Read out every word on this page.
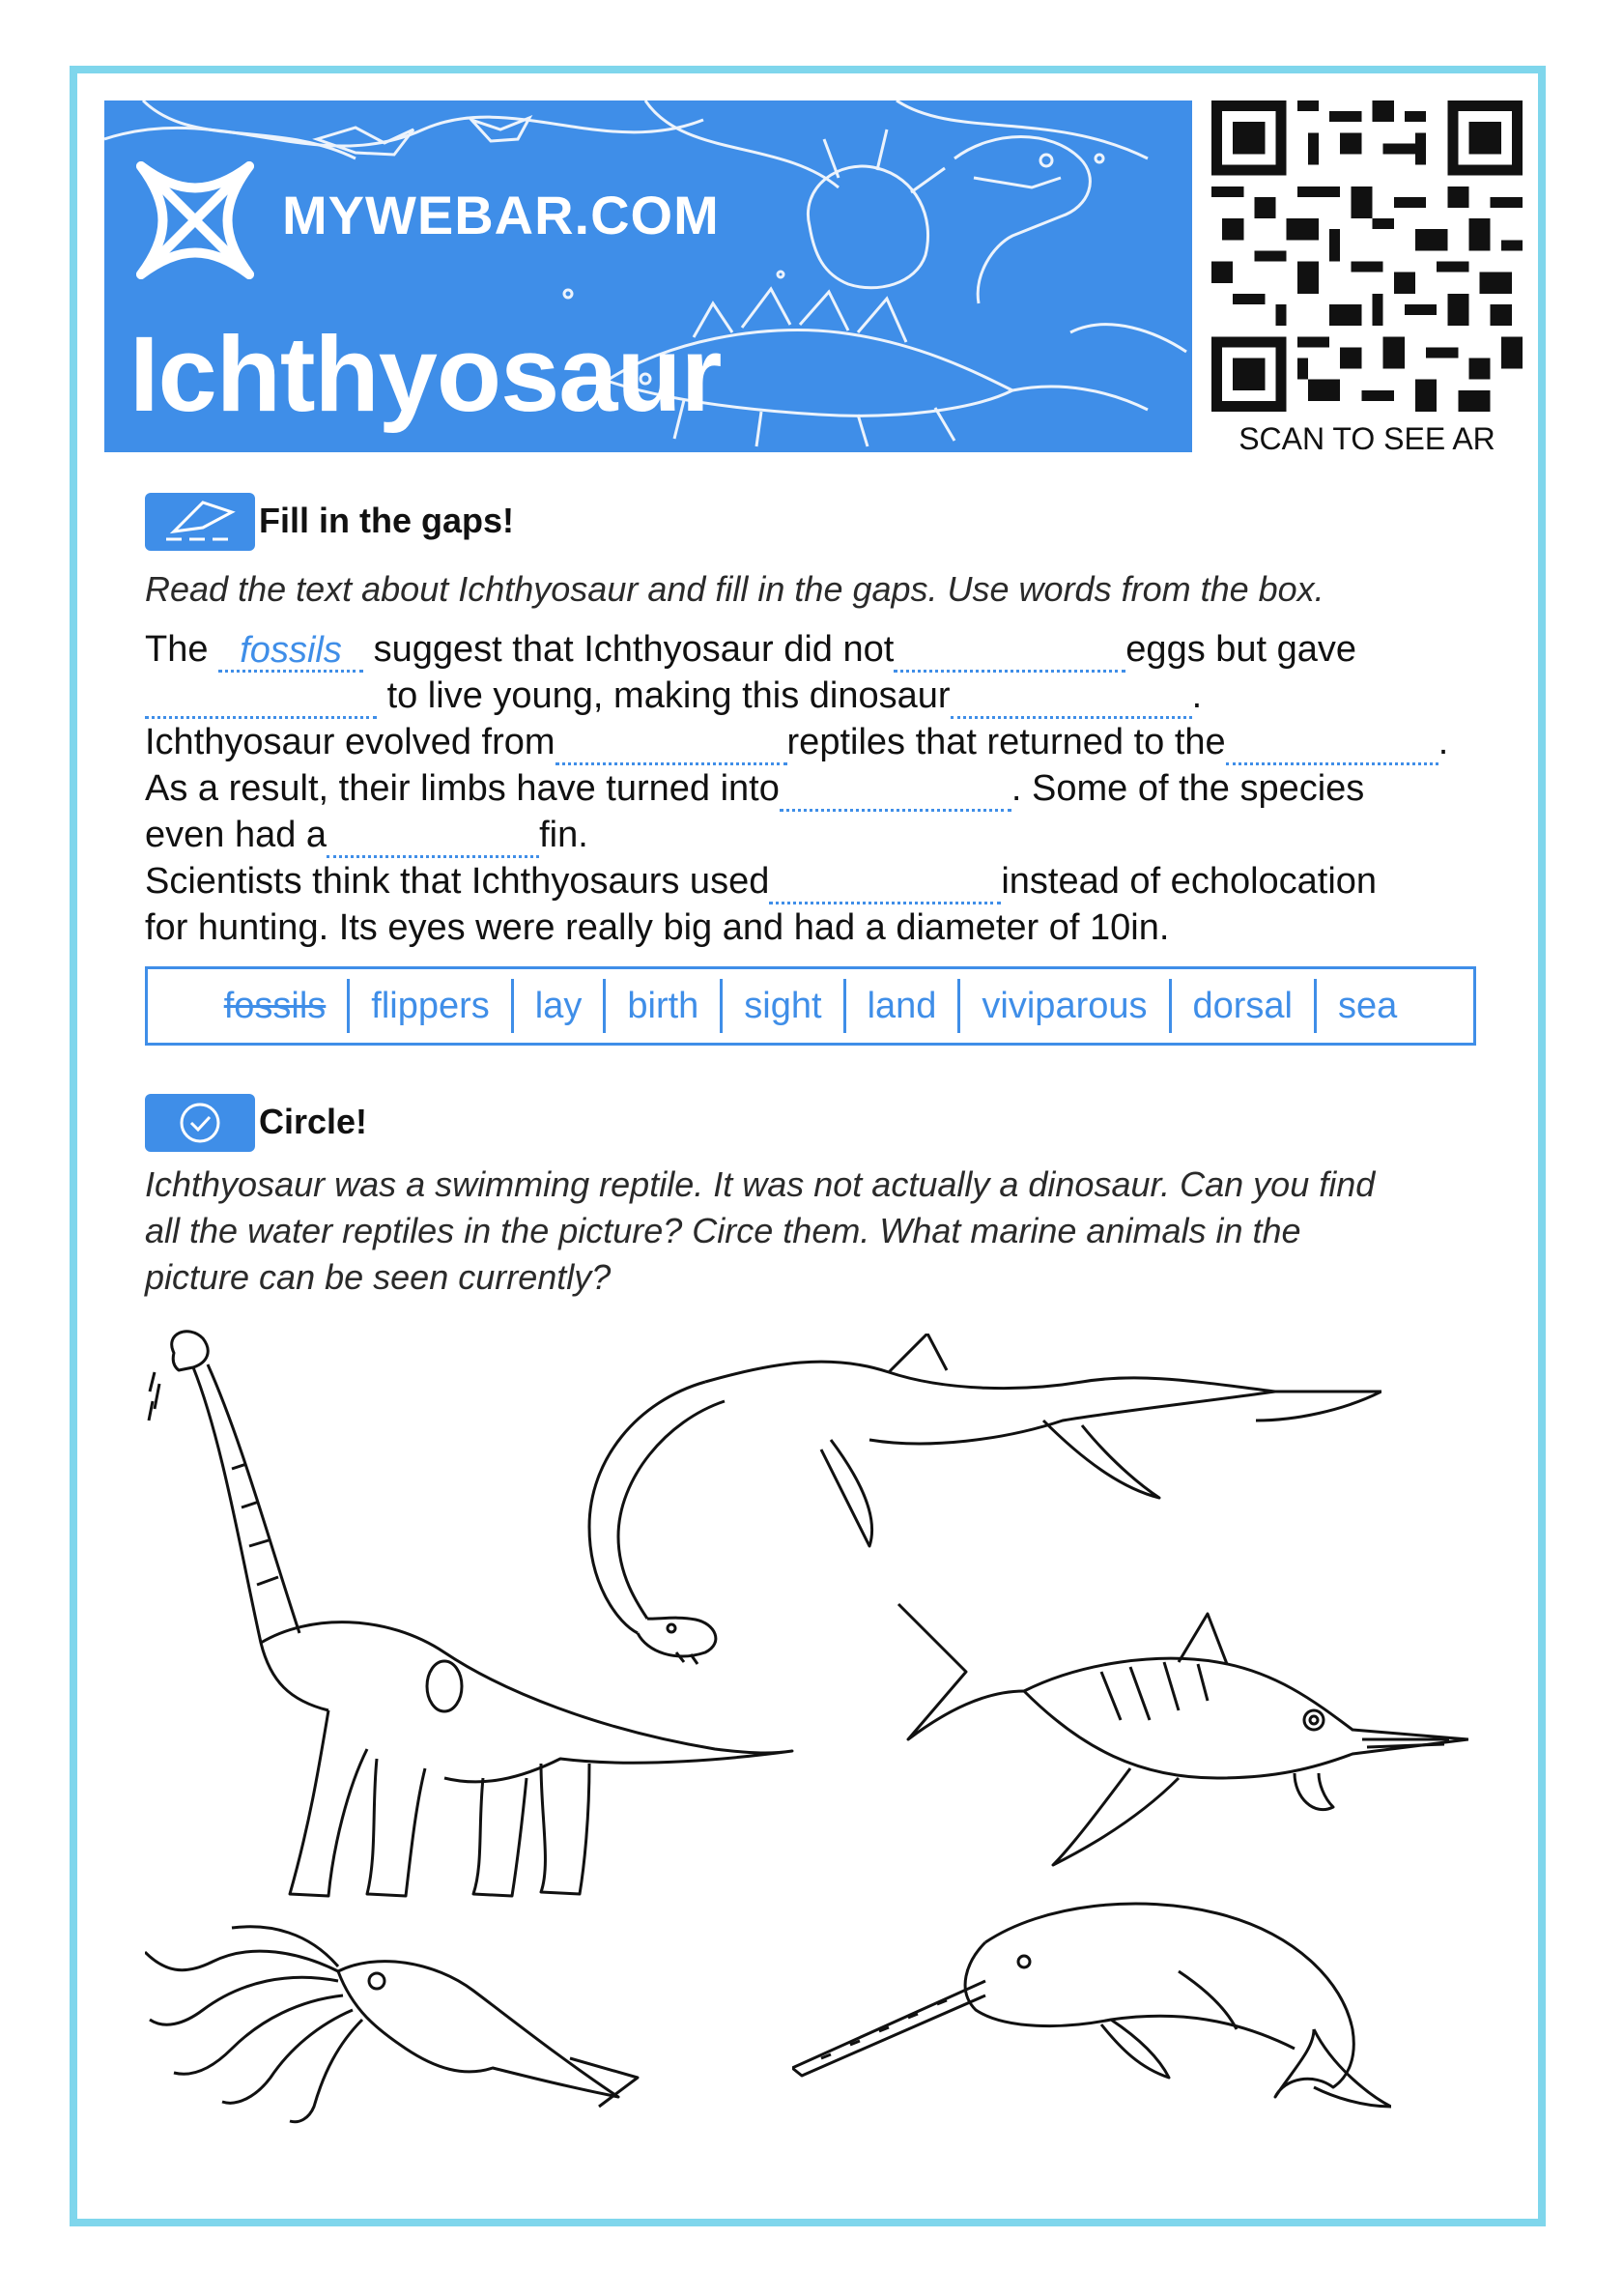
MYWEBAR.COM
Ichthyosaur
SCAN TO SEE AR
Fill in the gaps!
Read the text about Ichthyosaur and fill in the gaps. Use words from the box.
The fossils suggest that Ichthyosaur did not	eggs but gave
to live young, making this dinosaur	.
Ichthyosaur evolved from	reptiles that returned to the	.
As a result, their limbs have turned into	. Some of the species
even had a	fin.
Scientists think that Ichthyosaurs used	instead of echolocation
for hunting. Its eyes were really big and had a diameter of 10in.
fossils	flippers	lay	birth	sight	land	viviparous	dorsal	sea
Circle!
Ichthyosaur was a swimming reptile. It was not actually a dinosaur. Can you find
all the water reptiles in the picture? Circe them. What marine animals in the
picture can be seen currently?
